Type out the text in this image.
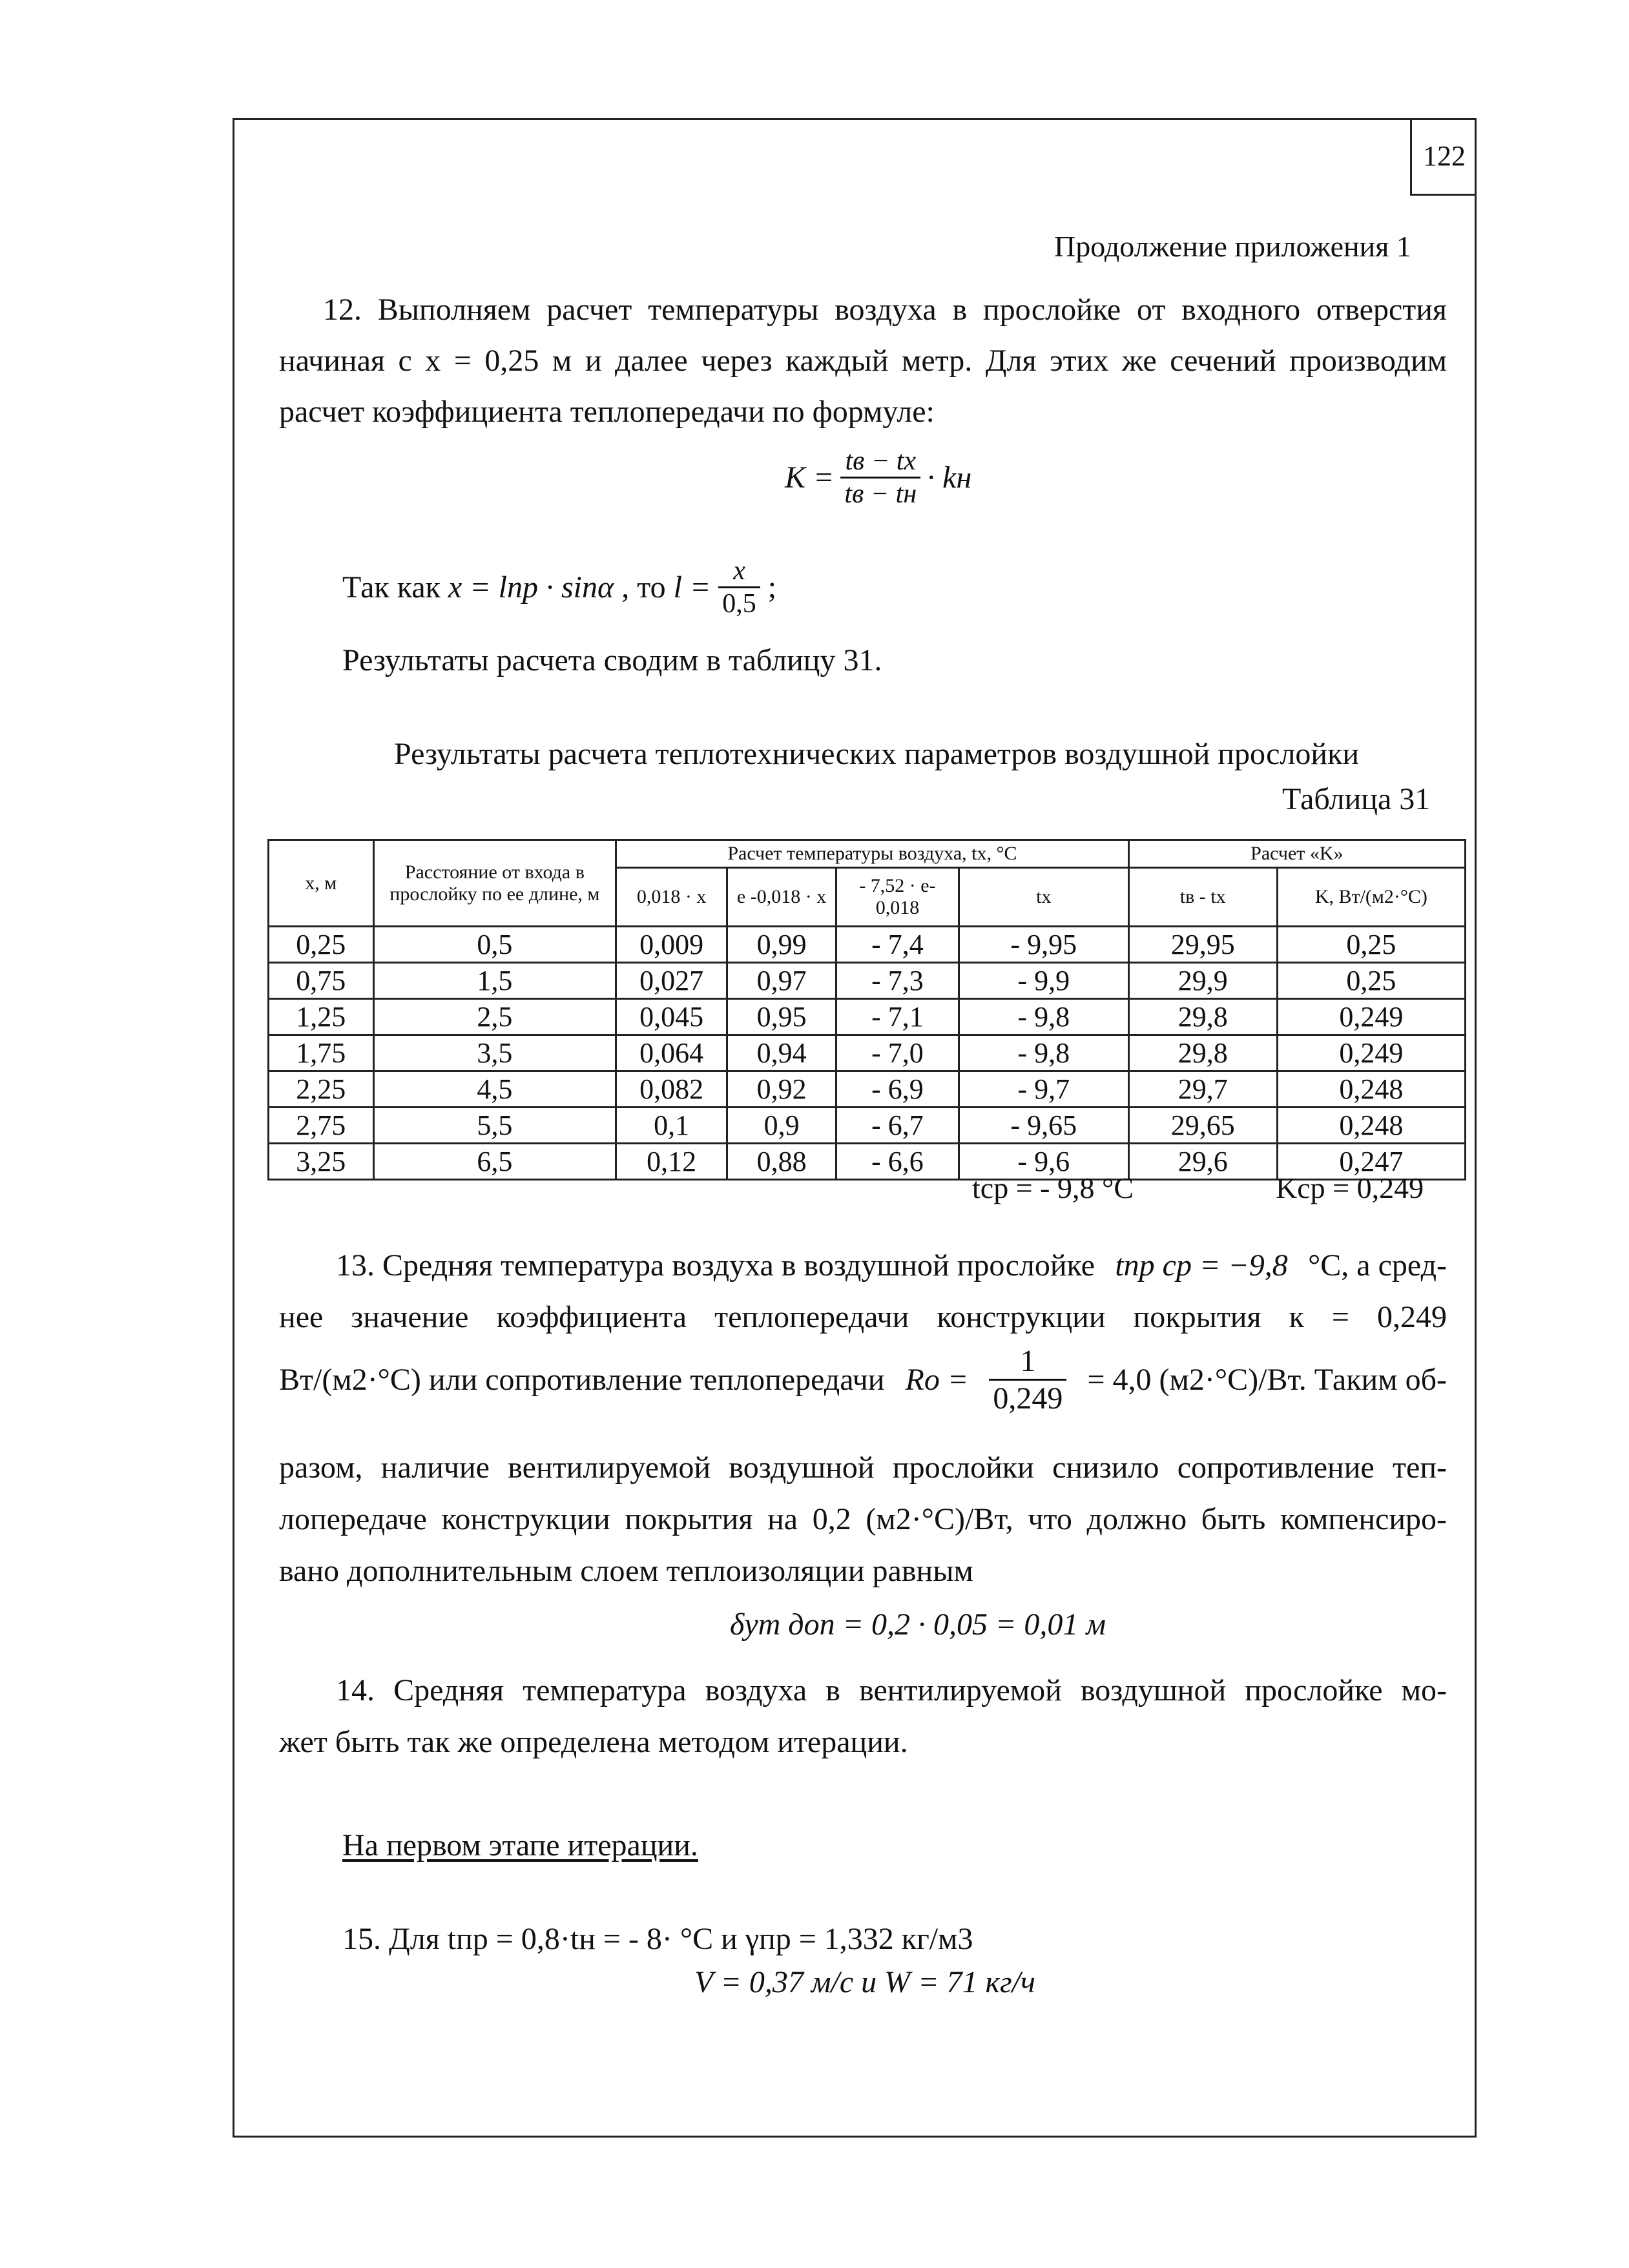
122
Продолжение приложения 1
12. Выполняем расчет температуры воздуха в прослойке от входного отверстия
начиная с x = 0,25 м и далее через каждый метр. Для этих же сечений производим
расчет коэффициента теплопередачи по формуле:
$K = \frac{tв - tx}{tв - tн}$ · kн
Так как x = lпр · sinα , то $l = \frac{x}{0,5}$ ;
Результаты расчета сводим в таблицу 31.
Результаты расчета теплотехнических параметров воздушной прослойки
Таблица 31
x, м	Расстояние от входа в прослойку по ее длине, м	Расчет температуры воздуха, tx, °C				Расчет «K»	
		0,018 · x	e -0,018 · x	- 7,52 · e- 0,018	tx	tв - tx	K, Вт/(м2·°C)
0,25	0,5	0,009	0,99	- 7,4	- 9,95	29,95	0,25
0,75	1,5	0,027	0,97	- 7,3	- 9,9	29,9	0,25
1,25	2,5	0,045	0,95	- 7,1	- 9,8	29,8	0,249
1,75	3,5	0,064	0,94	- 7,0	- 9,8	29,8	0,249
2,25	4,5	0,082	0,92	- 6,9	- 9,7	29,7	0,248
2,75	5,5	0,1	0,9	- 6,7	- 9,65	29,65	0,248
3,25	6,5	0,12	0,88	- 6,6	- 9,6	29,6	0,247
tср = - 9,8 °C	Kср = 0,249
13. Средняя температура воздуха в воздушной прослойке tпр ср = −9,8 °C, а сред-
нее значение коэффициента теплопередачи конструкции покрытия к = 0,249
Вт/(м2·°C) или сопротивление теплопередачи $Ro = \frac{1}{0,249} = 4,0$ (м2·°C)/Вт. Таким об-
разом, наличие вентилируемой воздушной прослойки снизило сопротивление теп-
лопередаче конструкции покрытия на 0,2 (м2·°C)/Вт, что должно быть компенсиро-
вано дополнительным слоем теплоизоляции равным
δут доп = 0,2 · 0,05 = 0,01 м
14. Средняя температура воздуха в вентилируемой воздушной прослойке мо-
жет быть так же определена методом итерации.
На первом этапе итерации.
15. Для tпр = 0,8·tн = - 8· °C и γпр = 1,332 кг/м3
V = 0,37 м/с и W = 71 кг/ч
